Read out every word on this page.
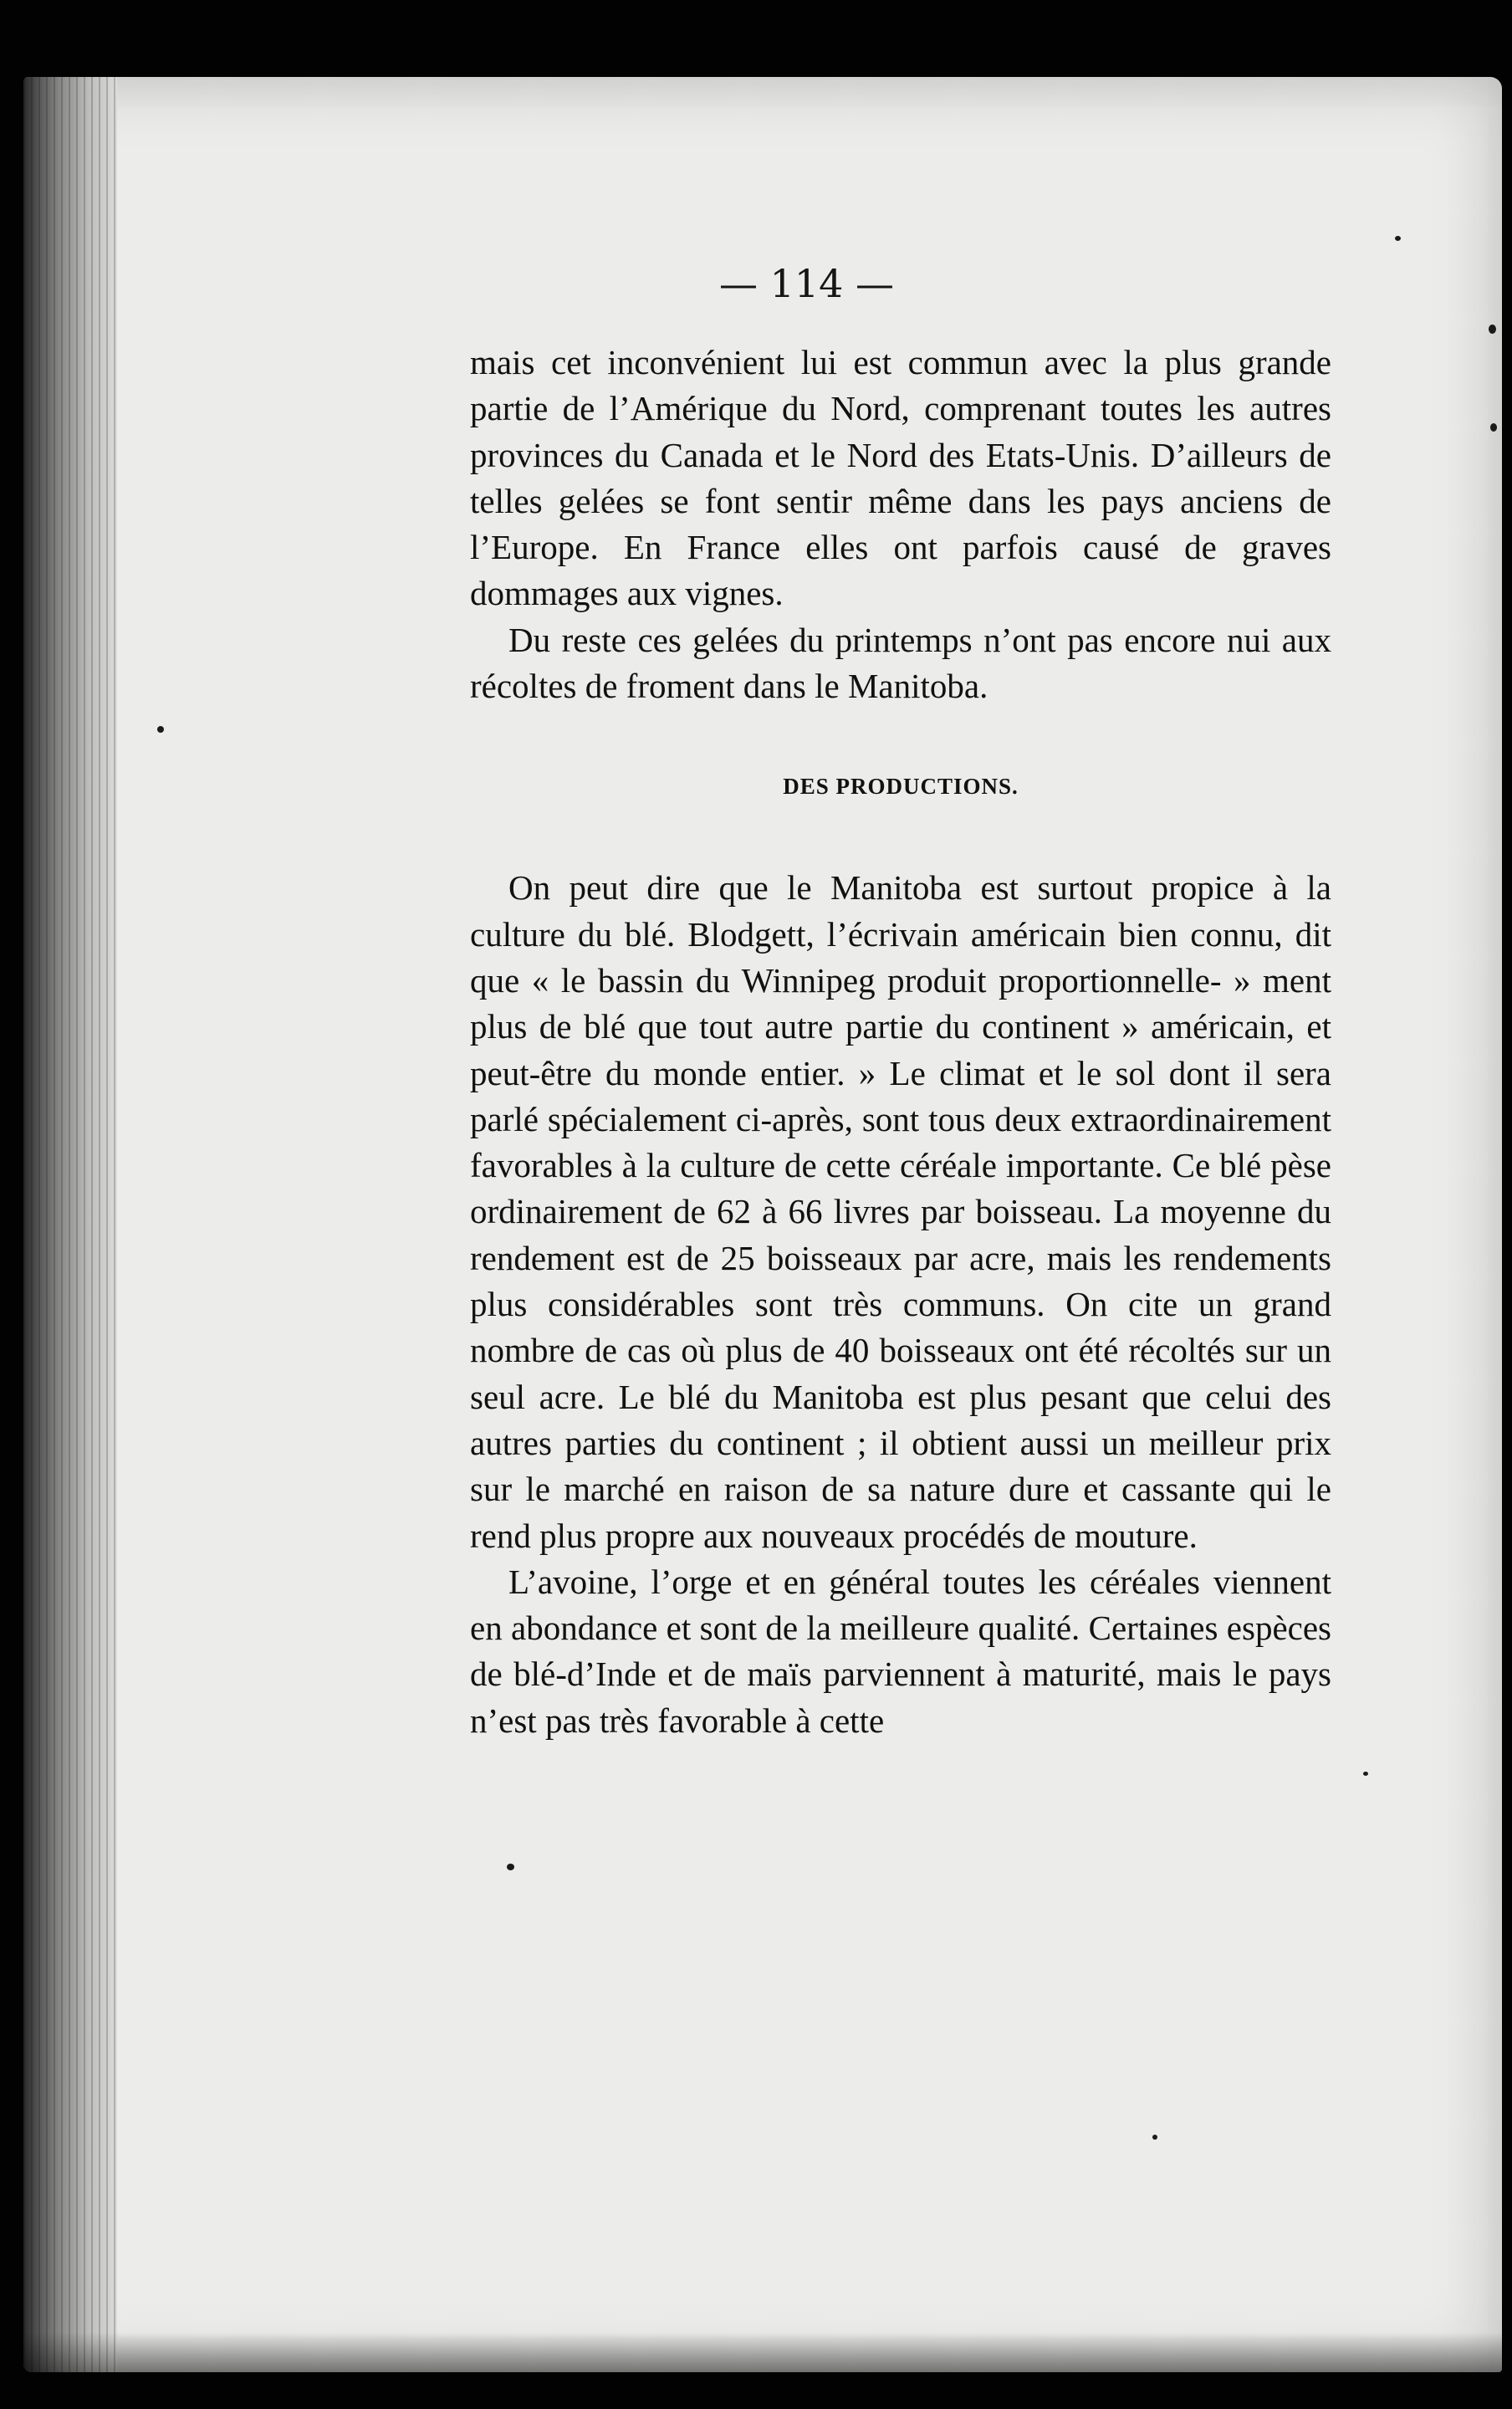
— 114 —

mais cet inconvénient lui est commun avec la plus grande partie de l’Amérique du Nord, comprenant toutes les autres provinces du Canada et le Nord des Etats-Unis. D’ailleurs de telles gelées se font sentir même dans les pays anciens de l’Europe. En France elles ont parfois causé de graves dommages aux vignes.

Du reste ces gelées du printemps n’ont pas encore nui aux récoltes de froment dans le Manitoba.

DES PRODUCTIONS.

On peut dire que le Manitoba est surtout propice à la culture du blé. Blodgett, l’écrivain américain bien connu, dit que « le bassin du Winnipeg produit proportionnelle- » ment plus de blé que tout autre partie du continent » américain, et peut-être du monde entier. » Le climat et le sol dont il sera parlé spécialement ci-après, sont tous deux extraordinairement favorables à la culture de cette céréale importante. Ce blé pèse ordinairement de 62 à 66 livres par boisseau. La moyenne du rendement est de 25 boisseaux par acre, mais les rendements plus considérables sont très communs. On cite un grand nombre de cas où plus de 40 boisseaux ont été récoltés sur un seul acre. Le blé du Manitoba est plus pesant que celui des autres parties du continent ; il obtient aussi un meilleur prix sur le marché en raison de sa nature dure et cassante qui le rend plus propre aux nouveaux procédés de mouture.

L’avoine, l’orge et en général toutes les céréales viennent en abondance et sont de la meilleure qualité. Certaines espèces de blé-d’Inde et de maïs parviennent à maturité, mais le pays n’est pas très favorable à cette
